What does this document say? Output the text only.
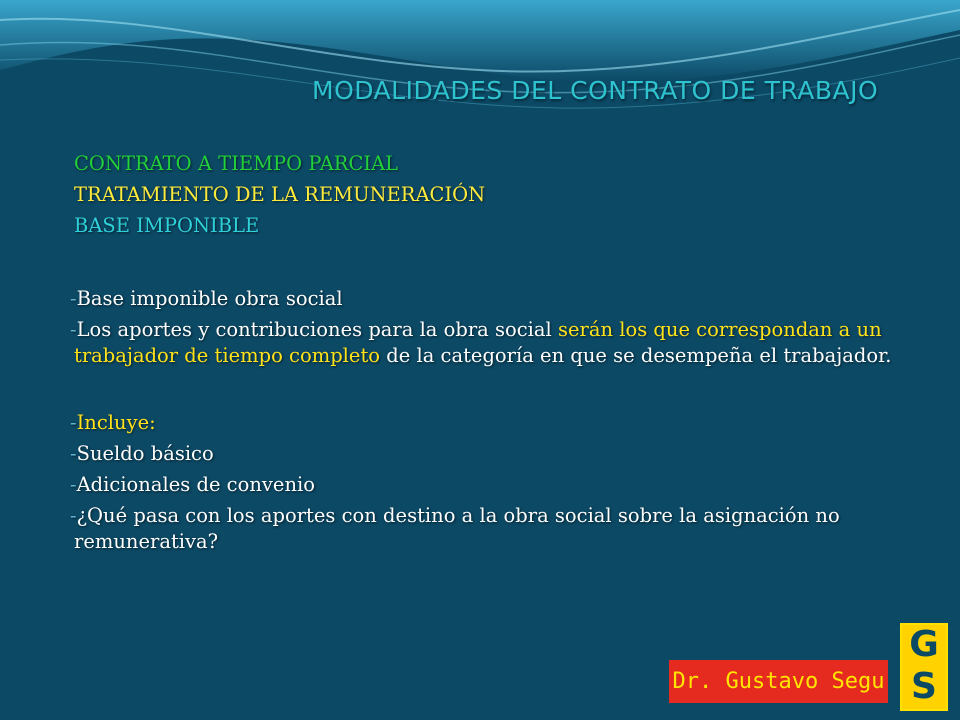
MODALIDADES DEL CONTRATO DE TRABAJO
CONTRATO A TIEMPO PARCIAL
TRATAMIENTO DE LA REMUNERACIÓN
BASE IMPONIBLE
-Base imponible obra social
-Los aportes y contribuciones para la obra social serán los que correspondan a un trabajador de tiempo completo de la categoría en que se desempeña el trabajador.
-Incluye:
-Sueldo básico
-Adicionales de convenio
-¿Qué pasa con los aportes con destino a la obra social sobre la asignación no remunerativa?
Dr. Gustavo Segu
G
S
